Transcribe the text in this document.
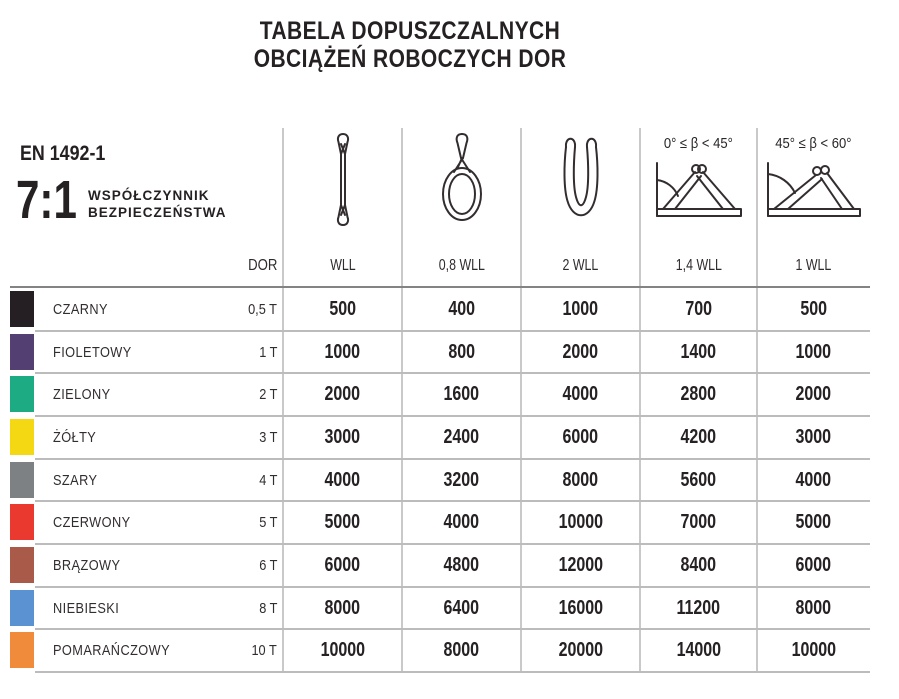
TABELA DOPUSZCZALNYCH
OBCIĄŻEŃ ROBOCZYCH DOR
EN 1492-1
7:1 WSPÓŁCZYNNIK
BEZPIECZEŃSTWA
0° ≤ β < 45°	45° ≤ β < 60°
DOR	WLL	0,8 WLL	2 WLL	1,4 WLL	1 WLL
CZARNY	0,5 T	500	400	1000	700	500
FIOLETOWY	1 T	1000	800	2000	1400	1000
ZIELONY	2 T	2000	1600	4000	2800	2000
ŻÓŁTY	3 T	3000	2400	6000	4200	3000
SZARY	4 T	4000	3200	8000	5600	4000
CZERWONY	5 T	5000	4000	10000	7000	5000
BRĄZOWY	6 T	6000	4800	12000	8400	6000
NIEBIESKI	8 T	8000	6400	16000	11200	8000
POMARAŃCZOWY	10 T	10000	8000	20000	14000	10000
